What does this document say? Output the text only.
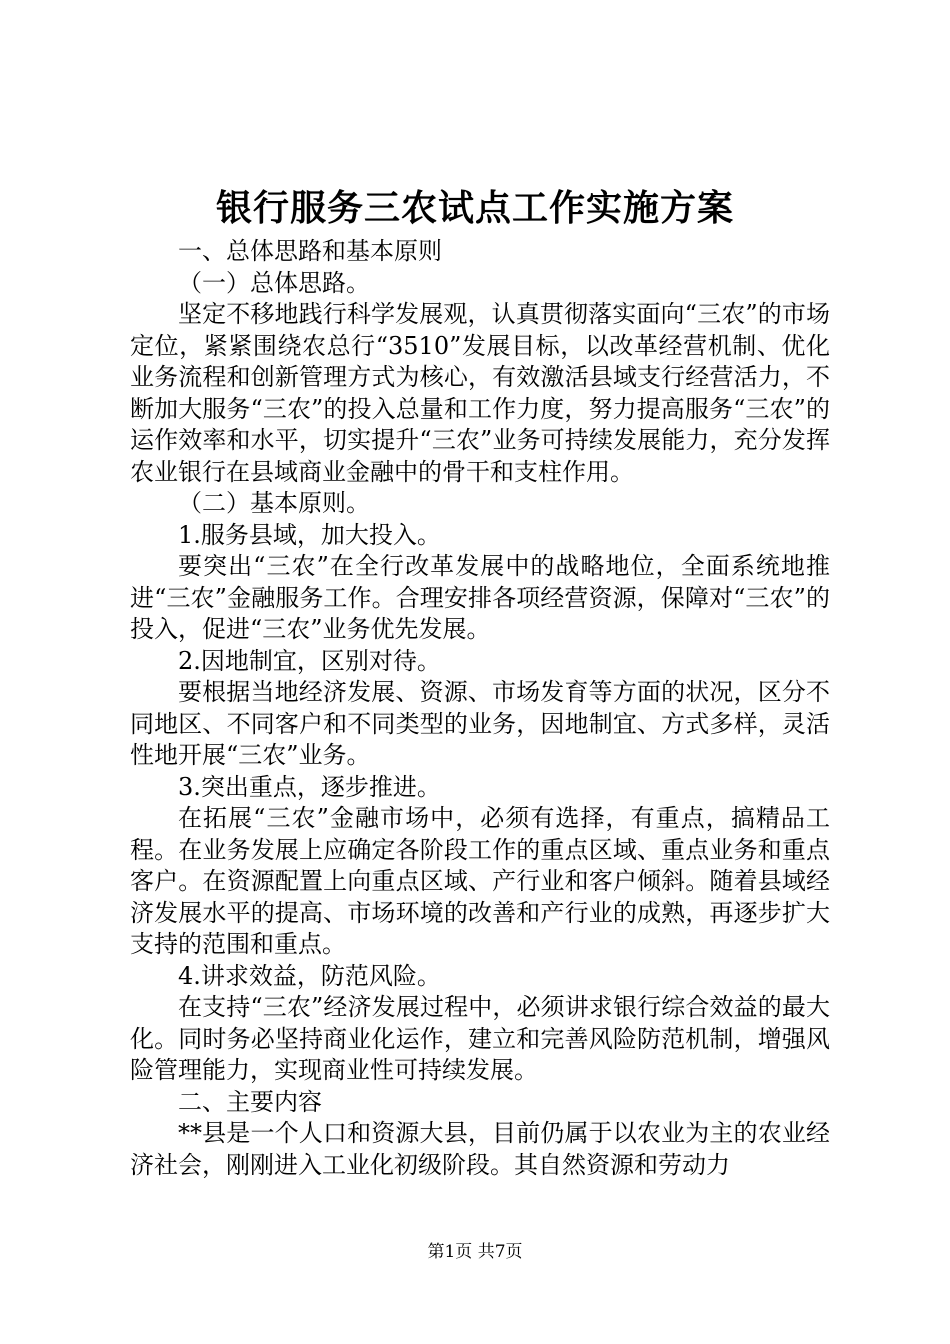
银行服务三农试点工作实施方案

一、总体思路和基本原则

（一）总体思路。

坚定不移地践行科学发展观，认真贯彻落实面向“三农”的市场定位，紧紧围绕农总行“3510”发展目标，以改革经营机制、优化业务流程和创新管理方式为核心，有效激活县域支行经营活力，不断加大服务“三农”的投入总量和工作力度，努力提高服务“三农”的运作效率和水平，切实提升“三农”业务可持续发展能力，充分发挥农业银行在县域商业金融中的骨干和支柱作用。

（二）基本原则。

1.服务县域，加大投入。

要突出“三农”在全行改革发展中的战略地位，全面系统地推进“三农”金融服务工作。合理安排各项经营资源，保障对“三农”的投入，促进“三农”业务优先发展。

2.因地制宜，区别对待。

要根据当地经济发展、资源、市场发育等方面的状况，区分不同地区、不同客户和不同类型的业务，因地制宜、方式多样，灵活性地开展“三农”业务。

3.突出重点，逐步推进。

在拓展“三农”金融市场中，必须有选择，有重点，搞精品工程。在业务发展上应确定各阶段工作的重点区域、重点业务和重点客户。在资源配置上向重点区域、产行业和客户倾斜。随着县域经济发展水平的提高、市场环境的改善和产行业的成熟，再逐步扩大支持的范围和重点。

4.讲求效益，防范风险。

在支持“三农”经济发展过程中，必须讲求银行综合效益的最大化。同时务必坚持商业化运作，建立和完善风险防范机制，增强风险管理能力，实现商业性可持续发展。

二、主要内容

**县是一个人口和资源大县，目前仍属于以农业为主的农业经济社会，刚刚进入工业化初级阶段。其自然资源和劳动力

第1页 共7页
